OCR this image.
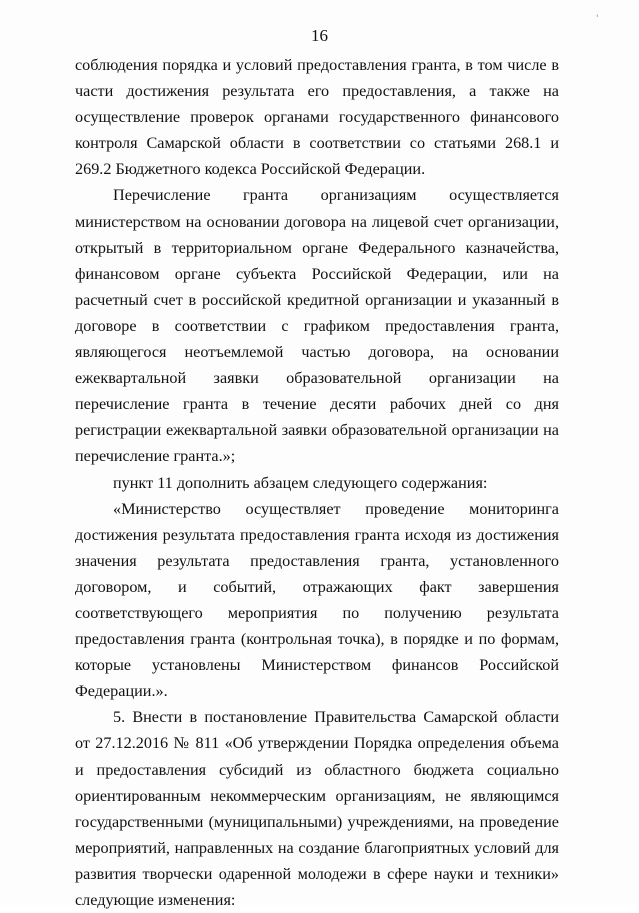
16
'

соблюдения порядка и условий предоставления гранта, в том числе в части достижения результата его предоставления, а также на осуществление проверок органами государственного финансового контроля Самарской области в соответствии со статьями 268.1 и 269.2 Бюджетного кодекса Российской Федерации.

Перечисление гранта организациям осуществляется министерством на основании договора на лицевой счет организации, открытый в территориальном органе Федерального казначейства, финансовом органе субъекта Российской Федерации, или на расчетный счет в российской кредитной организации и указанный в договоре в соответствии с графиком предоставления гранта, являющегося неотъемлемой частью договора, на основании ежеквартальной заявки образовательной организации на перечисление гранта в течение десяти рабочих дней со дня регистрации ежеквартальной заявки образовательной организации на перечисление гранта.»;

пункт 11 дополнить абзацем следующего содержания:

«Министерство осуществляет проведение мониторинга достижения результата предоставления гранта исходя из достижения значения результата предоставления гранта, установленного договором, и событий, отражающих факт завершения соответствующего мероприятия по получению результата предоставления гранта (контрольная точка), в порядке и по формам, которые установлены Министерством финансов Российской Федерации.».

5. Внести в постановление Правительства Самарской области от 27.12.2016 № 811 «Об утверждении Порядка определения объема и предоставления субсидий из областного бюджета социально ориентированным некоммерческим организациям, не являющимся государственными (муниципальными) учреждениями, на проведение мероприятий, направленных на создание благоприятных условий для развития творчески одаренной молодежи в сфере науки и техники» следующие изменения:
